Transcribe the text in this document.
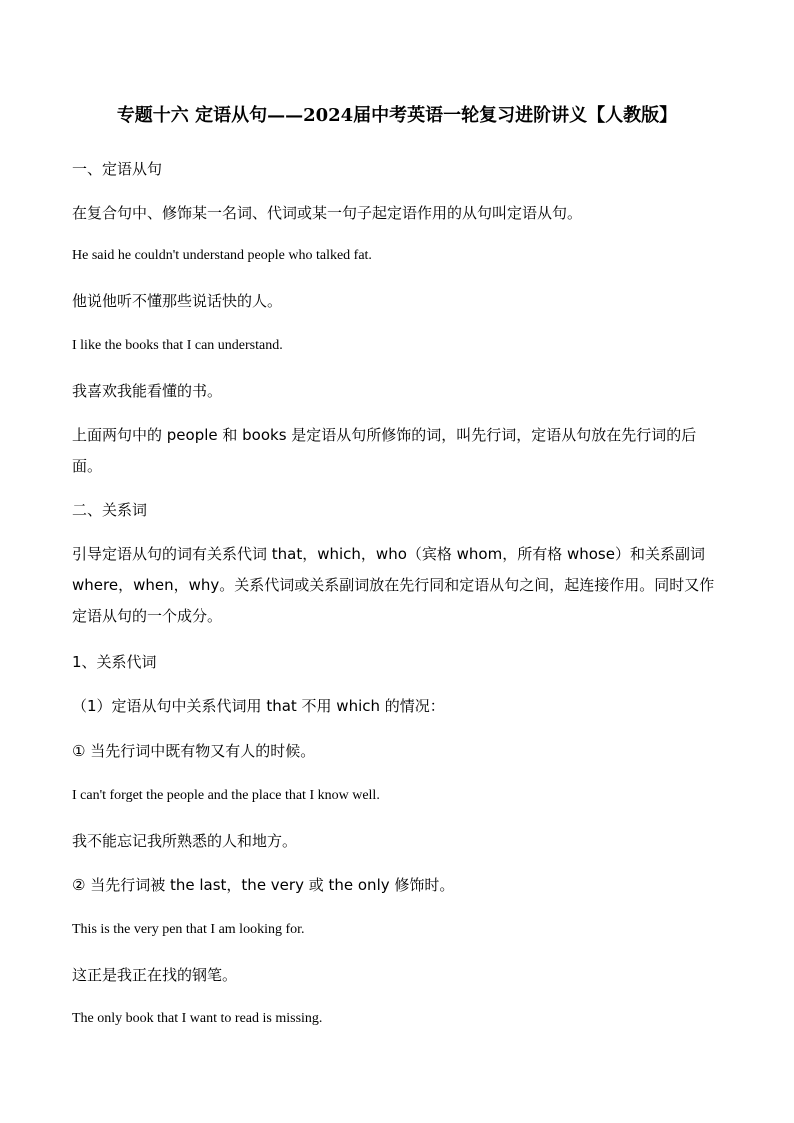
专题十六 定语从句——2024届中考英语一轮复习进阶讲义【人教版】
一、定语从句
在复合句中、修饰某一名词、代词或某一句子起定语作用的从句叫定语从句。
He said he couldn't understand people who talked fat.
他说他听不懂那些说话快的人。
I like the books that I can understand.
我喜欢我能看懂的书。
上面两句中的 people 和 books 是定语从句所修饰的词，叫先行词，定语从句放在先行词的后面。
二、关系词
引导定语从句的词有关系代词 that，which，who（宾格 whom，所有格 whose）和关系副词 where，when，why。关系代词或关系副词放在先行同和定语从句之间，起连接作用。同时又作定语从句的一个成分。
1、关系代词
（1）定语从句中关系代词用 that 不用 which 的情况：
① 当先行词中既有物又有人的时候。
I can't forget the people and the place that I know well.
我不能忘记我所熟悉的人和地方。
② 当先行词被 the last，the very 或 the only 修饰时。
This is the very pen that I am looking for.
这正是我正在找的钢笔。
The only book that I want to read is missing.
